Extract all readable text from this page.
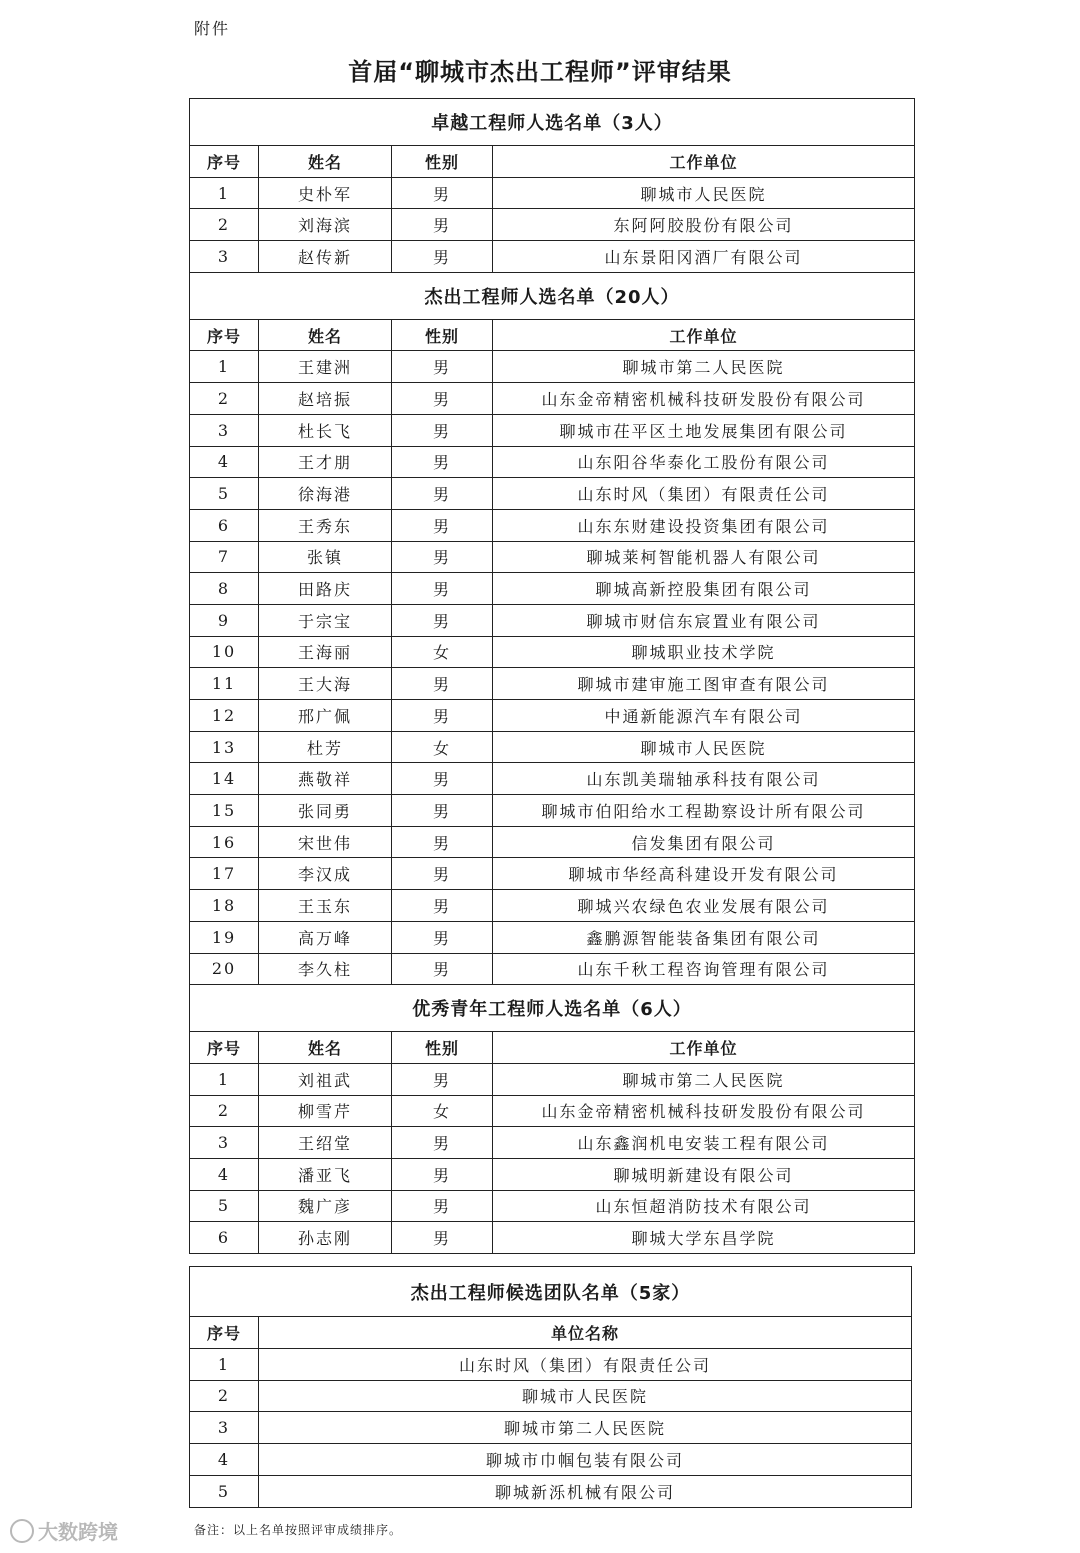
附件
首届“聊城市杰出工程师”评审结果
卓越工程师人选名单（3人）			
序号	姓名	性别	工作单位
1	史朴军	男	聊城市人民医院
2	刘海滨	男	东阿阿胶股份有限公司
3	赵传新	男	山东景阳冈酒厂有限公司
杰出工程师人选名单（20人）			
序号	姓名	性别	工作单位
1	王建洲	男	聊城市第二人民医院
2	赵培振	男	山东金帝精密机械科技研发股份有限公司
3	杜长飞	男	聊城市茌平区土地发展集团有限公司
4	王才朋	男	山东阳谷华泰化工股份有限公司
5	徐海港	男	山东时风（集团）有限责任公司
6	王秀东	男	山东东财建设投资集团有限公司
7	张镇	男	聊城莱柯智能机器人有限公司
8	田路庆	男	聊城高新控股集团有限公司
9	于宗宝	男	聊城市财信东宸置业有限公司
10	王海丽	女	聊城职业技术学院
11	王大海	男	聊城市建审施工图审查有限公司
12	邢广佩	男	中通新能源汽车有限公司
13	杜芳	女	聊城市人民医院
14	燕敬祥	男	山东凯美瑞轴承科技有限公司
15	张同勇	男	聊城市伯阳给水工程勘察设计所有限公司
16	宋世伟	男	信发集团有限公司
17	李汉成	男	聊城市华经高科建设开发有限公司
18	王玉东	男	聊城兴农绿色农业发展有限公司
19	高万峰	男	鑫鹏源智能装备集团有限公司
20	李久柱	男	山东千秋工程咨询管理有限公司
优秀青年工程师人选名单（6人）			
序号	姓名	性别	工作单位
1	刘祖武	男	聊城市第二人民医院
2	柳雪芹	女	山东金帝精密机械科技研发股份有限公司
3	王绍堂	男	山东鑫润机电安装工程有限公司
4	潘亚飞	男	聊城明新建设有限公司
5	魏广彦	男	山东恒超消防技术有限公司
6	孙志刚	男	聊城大学东昌学院
杰出工程师候选团队名单（5家）	
序号	单位名称
1	山东时风（集团）有限责任公司
2	聊城市人民医院
3	聊城市第二人民医院
4	聊城市巾帼包装有限公司
5	聊城新泺机械有限公司
备注：以上名单按照评审成绩排序。
大数跨境
